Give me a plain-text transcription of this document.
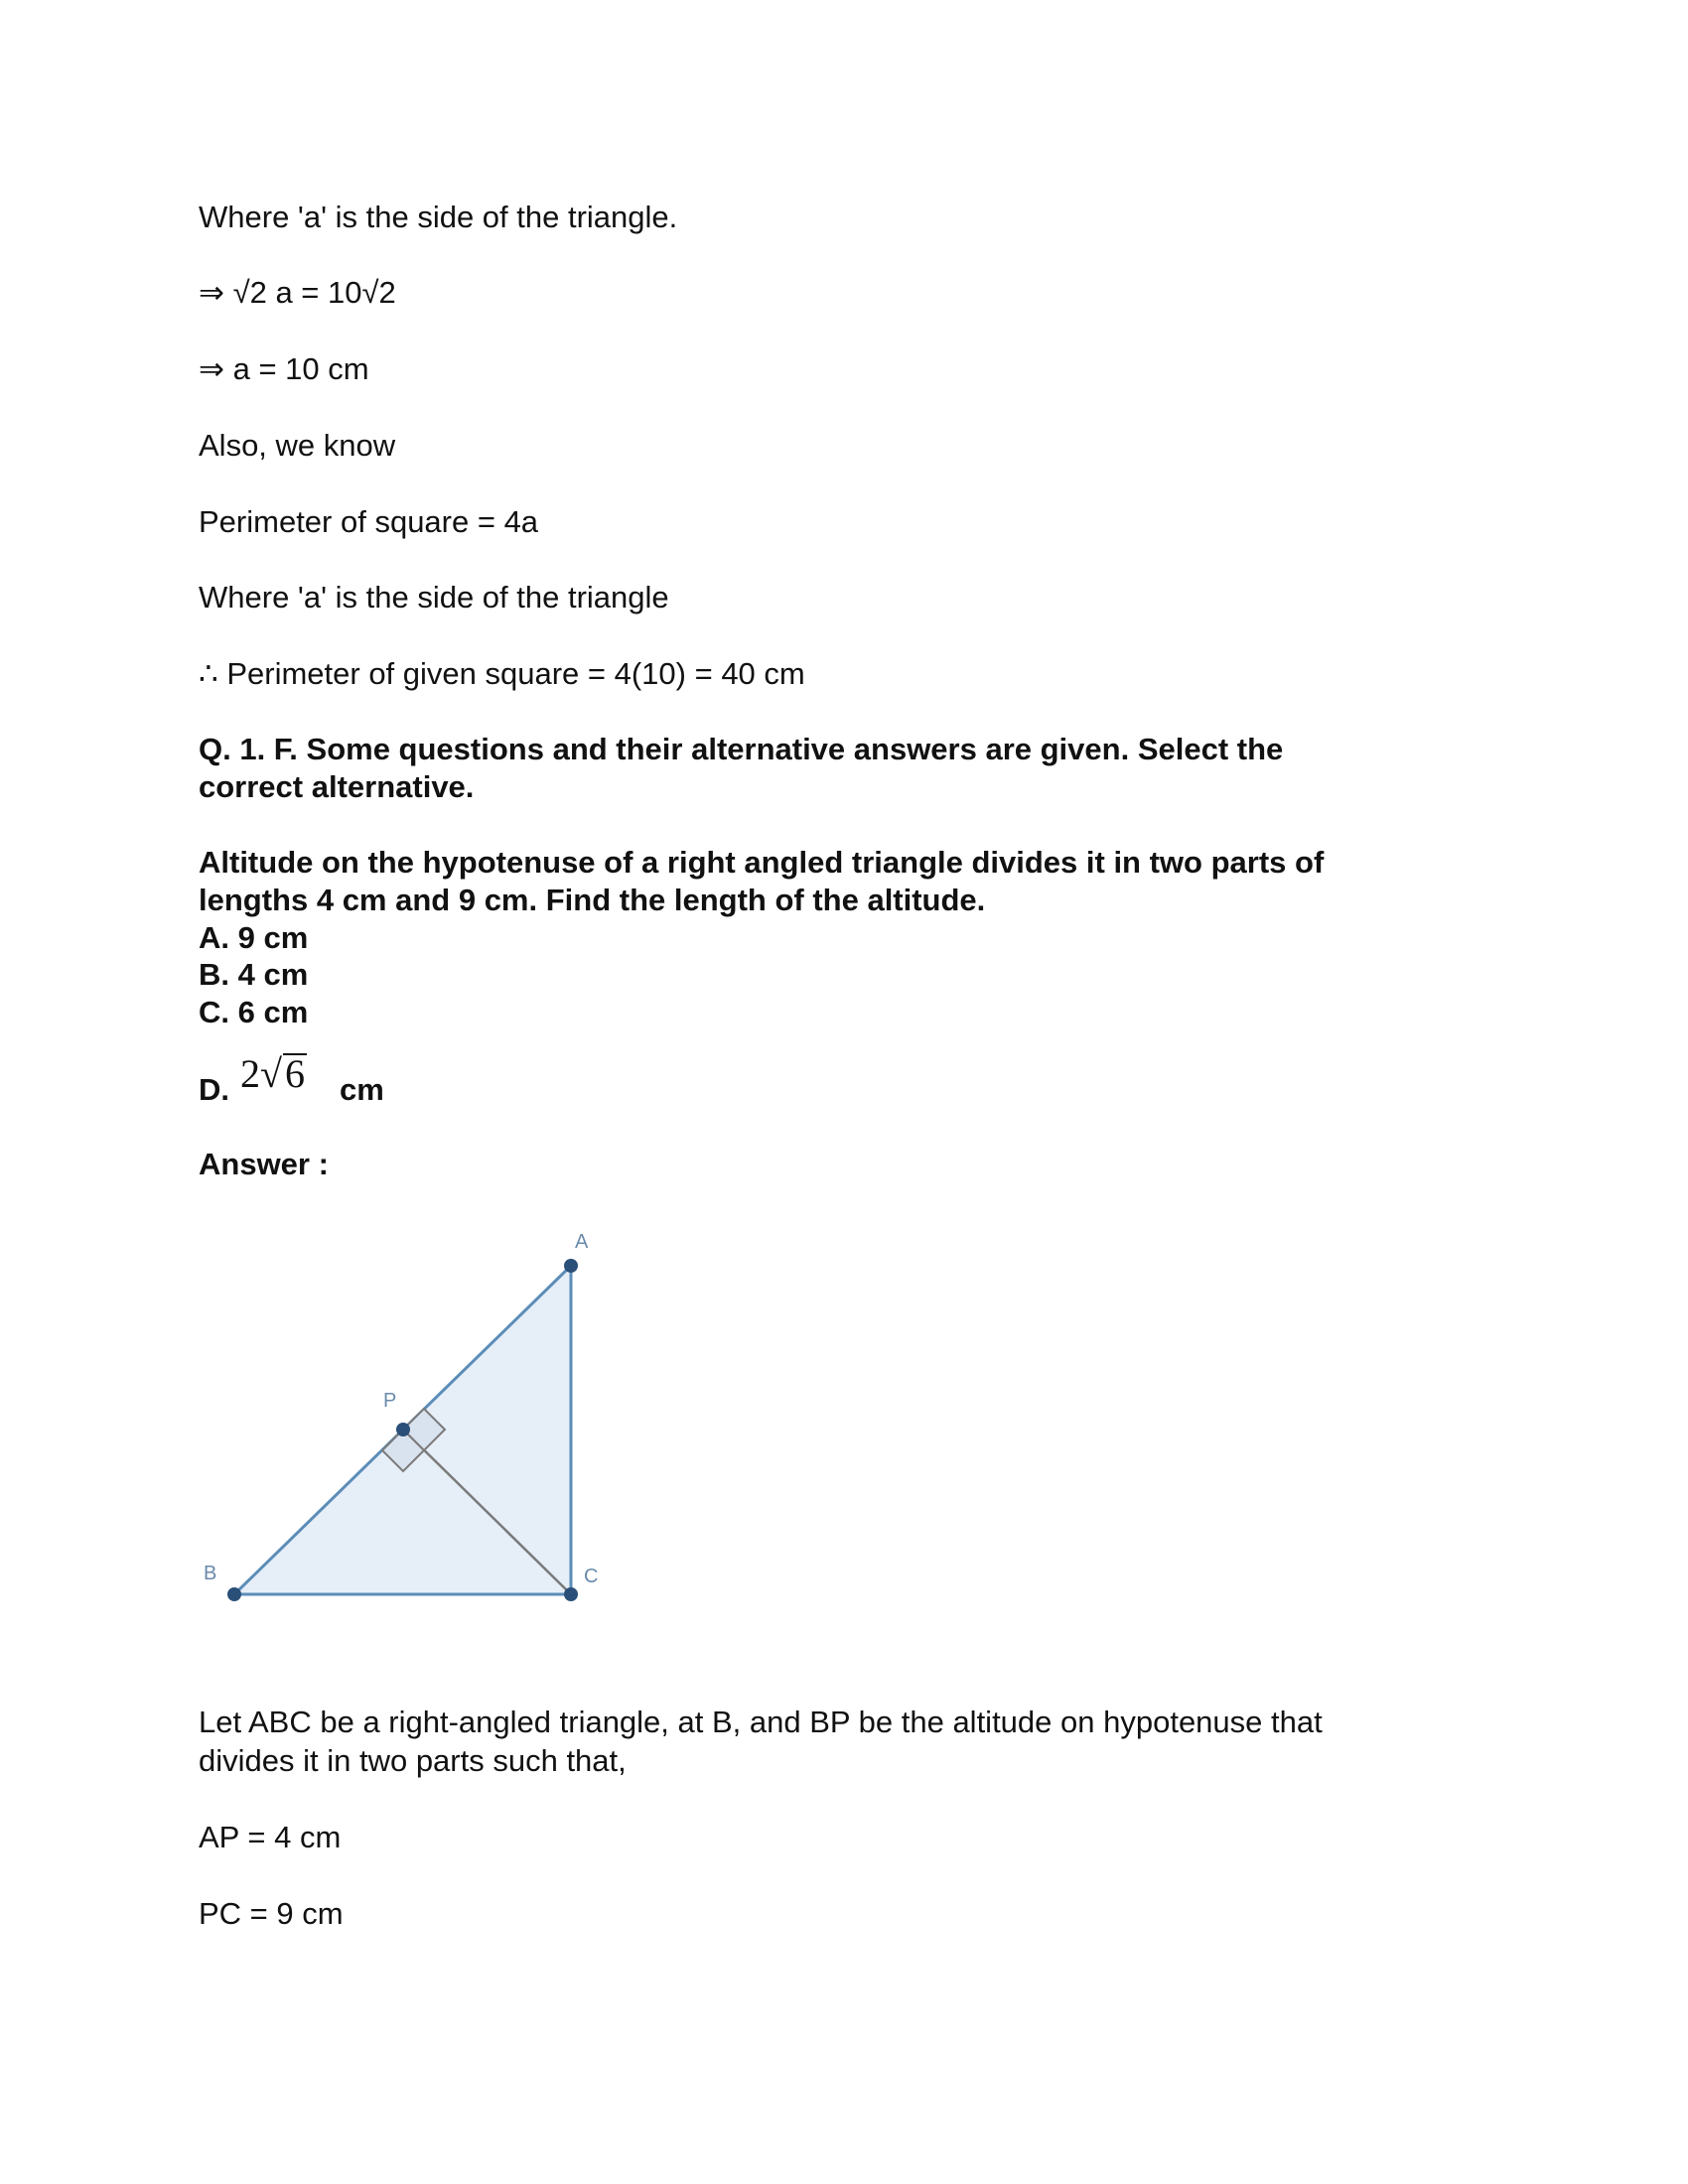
Where 'a' is the side of the triangle.
⇒ √2 a = 10√2
⇒ a = 10 cm
Also, we know
Perimeter of square = 4a
Where 'a' is the side of the triangle
∴ Perimeter of given square = 4(10) = 40 cm
Q. 1. F. Some questions and their alternative answers are given. Select the
correct alternative.
Altitude on the hypotenuse of a right angled triangle divides it in two parts of
lengths 4 cm and 9 cm. Find the length of the altitude.
A. 9 cm
B. 4 cm
C. 6 cm
D. 2√6 cm
Answer :
A
B	C
P
Let ABC be a right-angled triangle, at B, and BP be the altitude on hypotenuse that
divides it in two parts such that,
AP = 4 cm
PC = 9 cm
